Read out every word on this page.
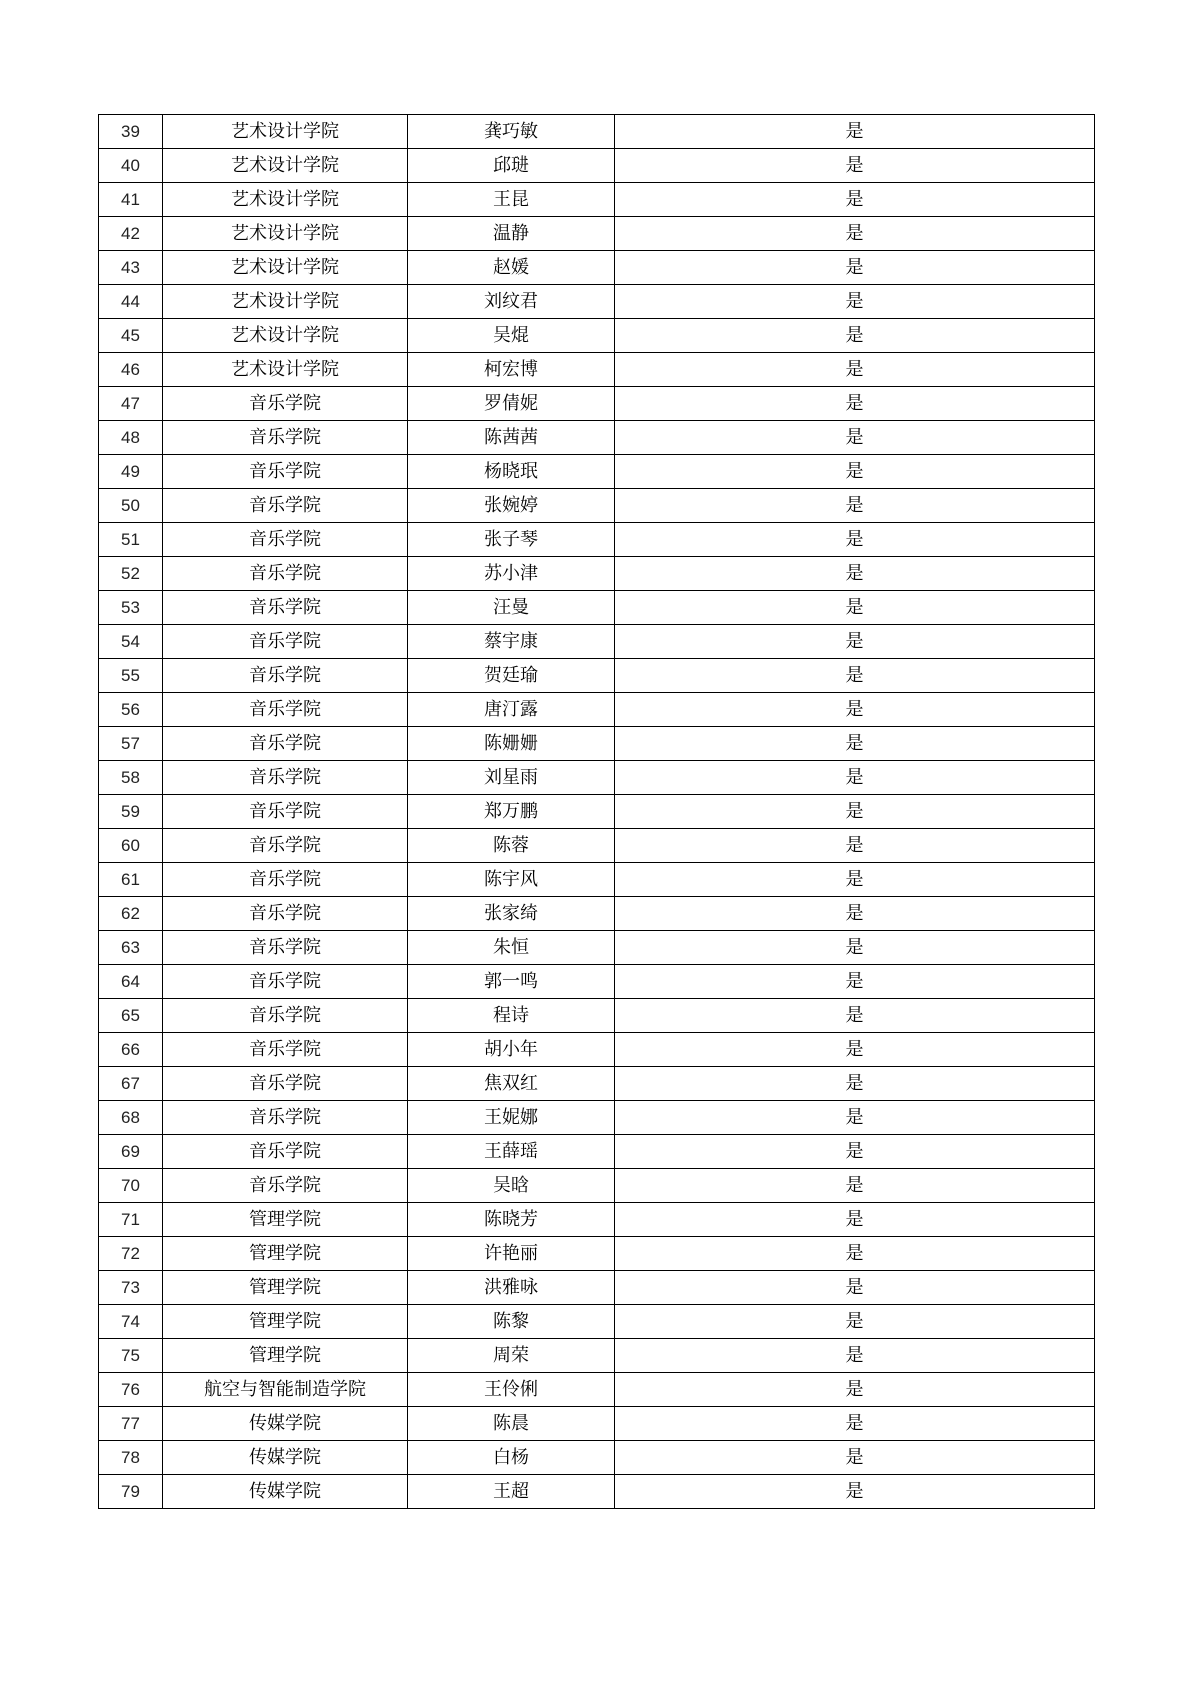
39	艺术设计学院	龚巧敏	是
40	艺术设计学院	邱琎	是
41	艺术设计学院	王昆	是
42	艺术设计学院	温静	是
43	艺术设计学院	赵媛	是
44	艺术设计学院	刘纹君	是
45	艺术设计学院	吴焜	是
46	艺术设计学院	柯宏博	是
47	音乐学院	罗倩妮	是
48	音乐学院	陈茜茜	是
49	音乐学院	杨晓珉	是
50	音乐学院	张婉婷	是
51	音乐学院	张子琴	是
52	音乐学院	苏小津	是
53	音乐学院	汪曼	是
54	音乐学院	蔡宇康	是
55	音乐学院	贺廷瑜	是
56	音乐学院	唐汀露	是
57	音乐学院	陈姗姗	是
58	音乐学院	刘星雨	是
59	音乐学院	郑万鹏	是
60	音乐学院	陈蓉	是
61	音乐学院	陈宇风	是
62	音乐学院	张家绮	是
63	音乐学院	朱恒	是
64	音乐学院	郭一鸣	是
65	音乐学院	程诗	是
66	音乐学院	胡小年	是
67	音乐学院	焦双红	是
68	音乐学院	王妮娜	是
69	音乐学院	王薛瑶	是
70	音乐学院	吴晗	是
71	管理学院	陈晓芳	是
72	管理学院	许艳丽	是
73	管理学院	洪雅咏	是
74	管理学院	陈黎	是
75	管理学院	周荣	是
76	航空与智能制造学院	王伶俐	是
77	传媒学院	陈晨	是
78	传媒学院	白杨	是
79	传媒学院	王超	是
